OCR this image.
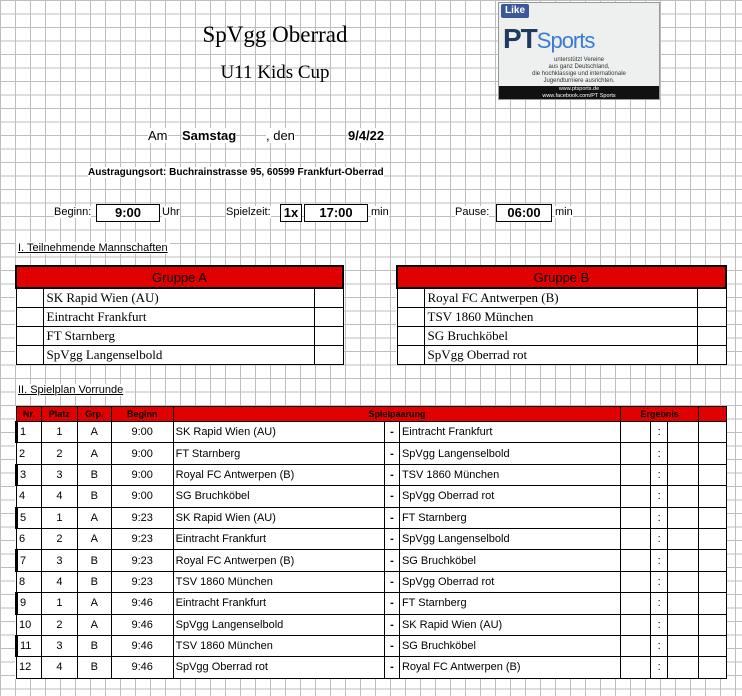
SpVgg Oberrad
U11 Kids Cup
Like
PTSports
unterstützt Vereine
aus ganz Deutschland,
die hochklassige und internationale
Jugendturniere ausrichten.
www.ptsports.de
www.facebook.com/PT Sports
Am Samstag , den	9/4/22
Austragungsort: Buchrainstrasse 95, 60599 Frankfurt-Oberrad
Beginn:	9:00	Uhr	Spielzeit: 1x	17:00	min	Pause:	06:00	min
I. Teilnehmende Mannschaften
Gruppe A		
	SK Rapid Wien (AU)	
	Eintracht Frankfurt	
	FT Starnberg	
	SpVgg Langenselbold	
Gruppe B		
	Royal FC Antwerpen (B)	
	TSV 1860 München	
	SG Bruchköbel	
	SpVgg Oberrad rot	
II. Spielplan Vorrunde
Nr.	Platz	Grp.	Beginn	Spielpaarung			Ergebnis			
1	1	A	9:00	SK Rapid Wien (AU)	-	Eintracht Frankfurt		:		
2	2	A	9:00	FT Starnberg	-	SpVgg Langenselbold		:		
3	3	B	9:00	Royal FC Antwerpen (B)	-	TSV 1860 München		:		
4	4	B	9:00	SG Bruchköbel	-	SpVgg Oberrad rot		:		
5	1	A	9:23	SK Rapid Wien (AU)	-	FT Starnberg		:		
6	2	A	9:23	Eintracht Frankfurt	-	SpVgg Langenselbold		:		
7	3	B	9:23	Royal FC Antwerpen (B)	-	SG Bruchköbel		:		
8	4	B	9:23	TSV 1860 München	-	SpVgg Oberrad rot		:		
9	1	A	9:46	Eintracht Frankfurt	-	FT Starnberg		:		
10	2	A	9:46	SpVgg Langenselbold	-	SK Rapid Wien (AU)		:		
11	3	B	9:46	TSV 1860 München	-	SG Bruchköbel		:		
12	4	B	9:46	SpVgg Oberrad rot	-	Royal FC Antwerpen (B)		:		
